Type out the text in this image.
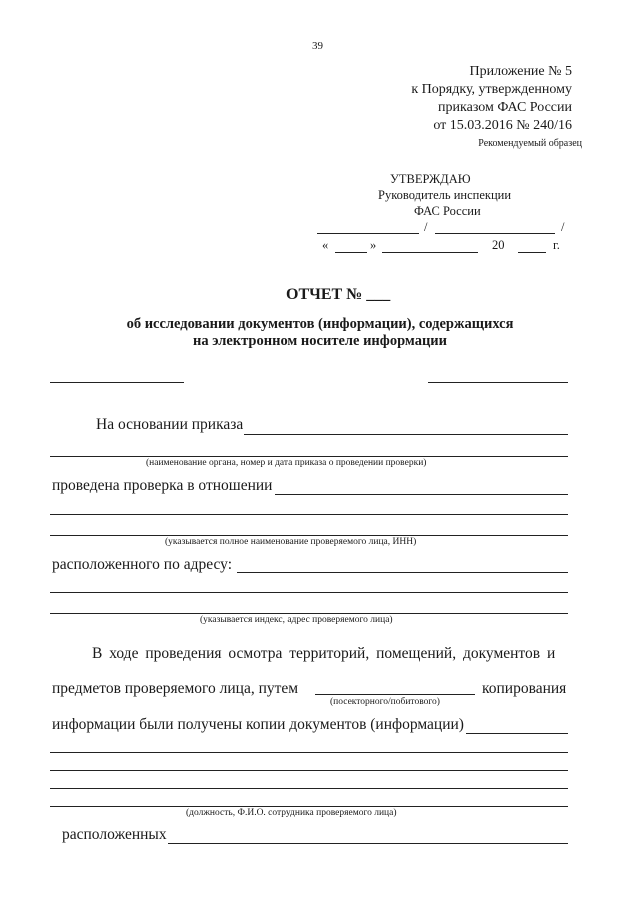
39
Приложение № 5
к Порядку, утвержденному
приказом ФАС России
от 15.03.2016 № 240/16
Рекомендуемый образец
УТВЕРЖДАЮ
Руководитель инспекции
ФАС России
/	/
«	»	20	г.
ОТЧЕТ № ___
об исследовании документов (информации), содержащихся
на электронном носителе информации
На основании приказа
(наименование органа, номер и дата приказа о проведении проверки)
проведена проверка в отношении
(указывается полное наименование проверяемого лица, ИНН)
расположенного по адресу:
(указывается индекс, адрес проверяемого лица)
В ходе проведения осмотра территорий, помещений, документов и
предметов проверяемого лица, путем	копирования
(посекторного/побитового)
информации были получены копии документов (информации)
(должность, Ф.И.О. сотрудника проверяемого лица)
расположенных
